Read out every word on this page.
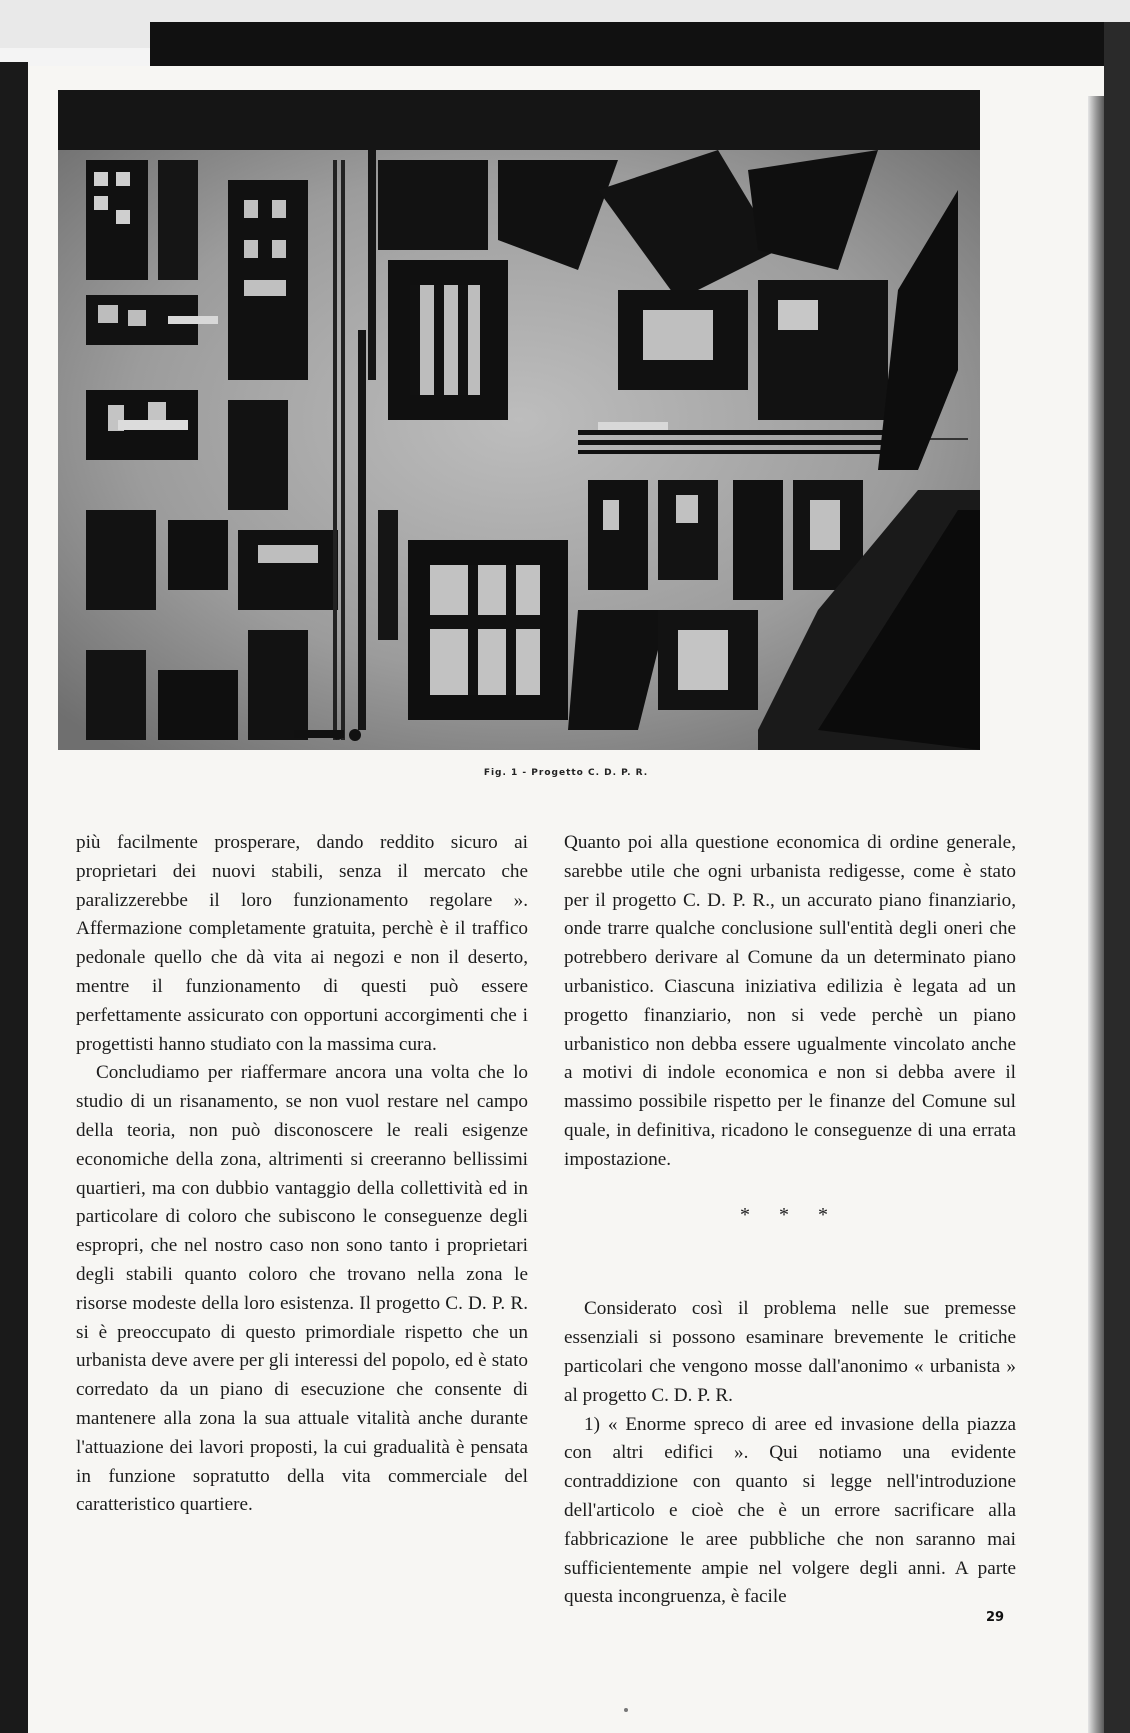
Fig. 1 - Progetto C. D. P. R.

più facilmente prosperare, dando reddito sicuro ai proprietari dei nuovi stabili, senza il mercato che paralizzerebbe il loro funzionamento regolare ». Affermazione completamente gratuita, perchè è il traffico pedonale quello che dà vita ai negozi e non il deserto, mentre il funzionamento di questi può essere perfettamente assicurato con opportuni accorgimenti che i progettisti hanno studiato con la massima cura.

Concludiamo per riaffermare ancora una volta che lo studio di un risanamento, se non vuol restare nel campo della teoria, non può disconoscere le reali esigenze economiche della zona, altrimenti si creeranno bellissimi quartieri, ma con dubbio vantaggio della collettività ed in particolare di coloro che subiscono le conseguenze degli espropri, che nel nostro caso non sono tanto i proprietari degli stabili quanto coloro che trovano nella zona le risorse modeste della loro esistenza. Il progetto C. D. P. R. si è preoccupato di questo primordiale rispetto che un urbanista deve avere per gli interessi del popolo, ed è stato corredato da un piano di esecuzione che consente di mantenere alla zona la sua attuale vitalità anche durante l'attuazione dei lavori proposti, la cui gradualità è pensata in funzione sopratutto della vita commerciale del caratteristico quartiere.

Quanto poi alla questione economica di ordine generale, sarebbe utile che ogni urbanista redigesse, come è stato per il progetto C. D. P. R., un accurato piano finanziario, onde trarre qualche conclusione sull'entità degli oneri che potrebbero derivare al Comune da un determinato piano urbanistico. Ciascuna iniziativa edilizia è legata ad un progetto finanziario, non si vede perchè un piano urbanistico non debba essere ugualmente vincolato anche a motivi di indole economica e non si debba avere il massimo possibile rispetto per le finanze del Comune sul quale, in definitiva, ricadono le conseguenze di una errata impostazione.

* * *

Considerato così il problema nelle sue premesse essenziali si possono esaminare brevemente le critiche particolari che vengono mosse dall'anonimo « urbanista » al progetto C. D. P. R.

1) « Enorme spreco di aree ed invasione della piazza con altri edifici ». Qui notiamo una evidente contraddizione con quanto si legge nell'introduzione dell'articolo e cioè che è un errore sacrificare alla fabbricazione le aree pubbliche che non saranno mai sufficientemente ampie nel volgere degli anni. A parte questa incongruenza, è facile

29
